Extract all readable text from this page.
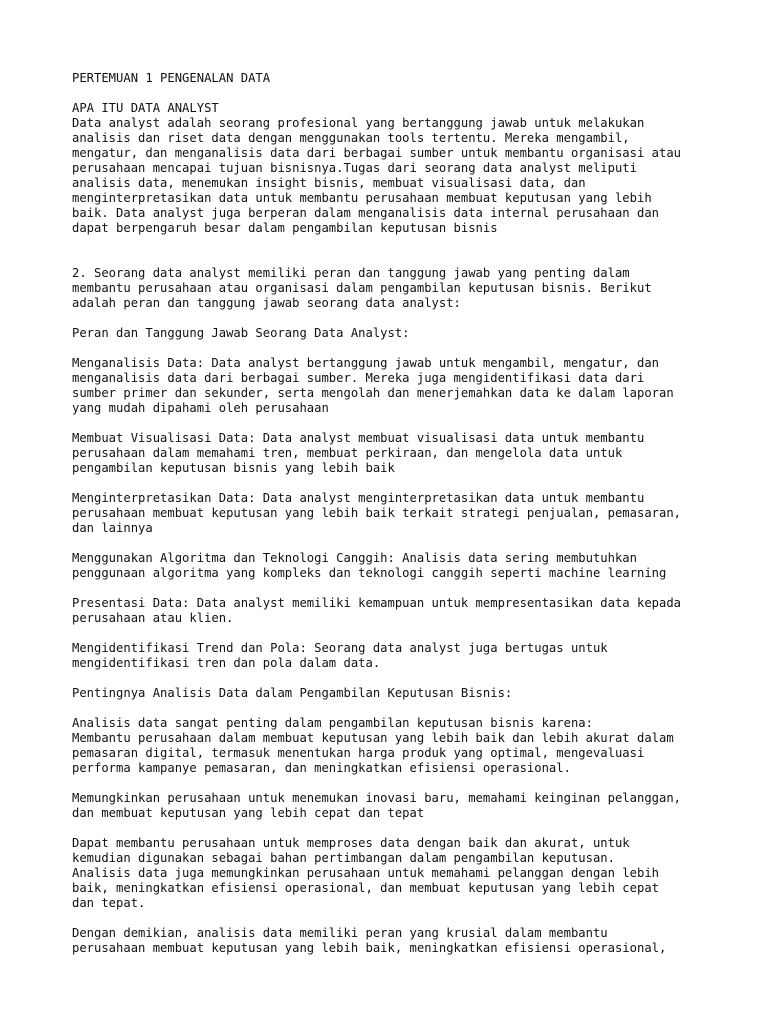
PERTEMUAN 1 PENGENALAN DATA
APA ITU DATA ANALYST
Data analyst adalah seorang profesional yang bertanggung jawab untuk melakukan
analisis dan riset data dengan menggunakan tools tertentu. Mereka mengambil,
mengatur, dan menganalisis data dari berbagai sumber untuk membantu organisasi atau
perusahaan mencapai tujuan bisnisnya.Tugas dari seorang data analyst meliputi
analisis data, menemukan insight bisnis, membuat visualisasi data, dan
menginterpretasikan data untuk membantu perusahaan membuat keputusan yang lebih
baik. Data analyst juga berperan dalam menganalisis data internal perusahaan dan
dapat berpengaruh besar dalam pengambilan keputusan bisnis
2. Seorang data analyst memiliki peran dan tanggung jawab yang penting dalam
membantu perusahaan atau organisasi dalam pengambilan keputusan bisnis. Berikut
adalah peran dan tanggung jawab seorang data analyst:
Peran dan Tanggung Jawab Seorang Data Analyst:
Menganalisis Data: Data analyst bertanggung jawab untuk mengambil, mengatur, dan
menganalisis data dari berbagai sumber. Mereka juga mengidentifikasi data dari
sumber primer dan sekunder, serta mengolah dan menerjemahkan data ke dalam laporan
yang mudah dipahami oleh perusahaan
Membuat Visualisasi Data: Data analyst membuat visualisasi data untuk membantu
perusahaan dalam memahami tren, membuat perkiraan, dan mengelola data untuk
pengambilan keputusan bisnis yang lebih baik
Menginterpretasikan Data: Data analyst menginterpretasikan data untuk membantu
perusahaan membuat keputusan yang lebih baik terkait strategi penjualan, pemasaran,
dan lainnya
Menggunakan Algoritma dan Teknologi Canggih: Analisis data sering membutuhkan
penggunaan algoritma yang kompleks dan teknologi canggih seperti machine learning
Presentasi Data: Data analyst memiliki kemampuan untuk mempresentasikan data kepada
perusahaan atau klien.
Mengidentifikasi Trend dan Pola: Seorang data analyst juga bertugas untuk
mengidentifikasi tren dan pola dalam data.
Pentingnya Analisis Data dalam Pengambilan Keputusan Bisnis:
Analisis data sangat penting dalam pengambilan keputusan bisnis karena:
Membantu perusahaan dalam membuat keputusan yang lebih baik dan lebih akurat dalam
pemasaran digital, termasuk menentukan harga produk yang optimal, mengevaluasi
performa kampanye pemasaran, dan meningkatkan efisiensi operasional.
Memungkinkan perusahaan untuk menemukan inovasi baru, memahami keinginan pelanggan,
dan membuat keputusan yang lebih cepat dan tepat
Dapat membantu perusahaan untuk memproses data dengan baik dan akurat, untuk
kemudian digunakan sebagai bahan pertimbangan dalam pengambilan keputusan.
Analisis data juga memungkinkan perusahaan untuk memahami pelanggan dengan lebih
baik, meningkatkan efisiensi operasional, dan membuat keputusan yang lebih cepat
dan tepat.
Dengan demikian, analisis data memiliki peran yang krusial dalam membantu
perusahaan membuat keputusan yang lebih baik, meningkatkan efisiensi operasional,
